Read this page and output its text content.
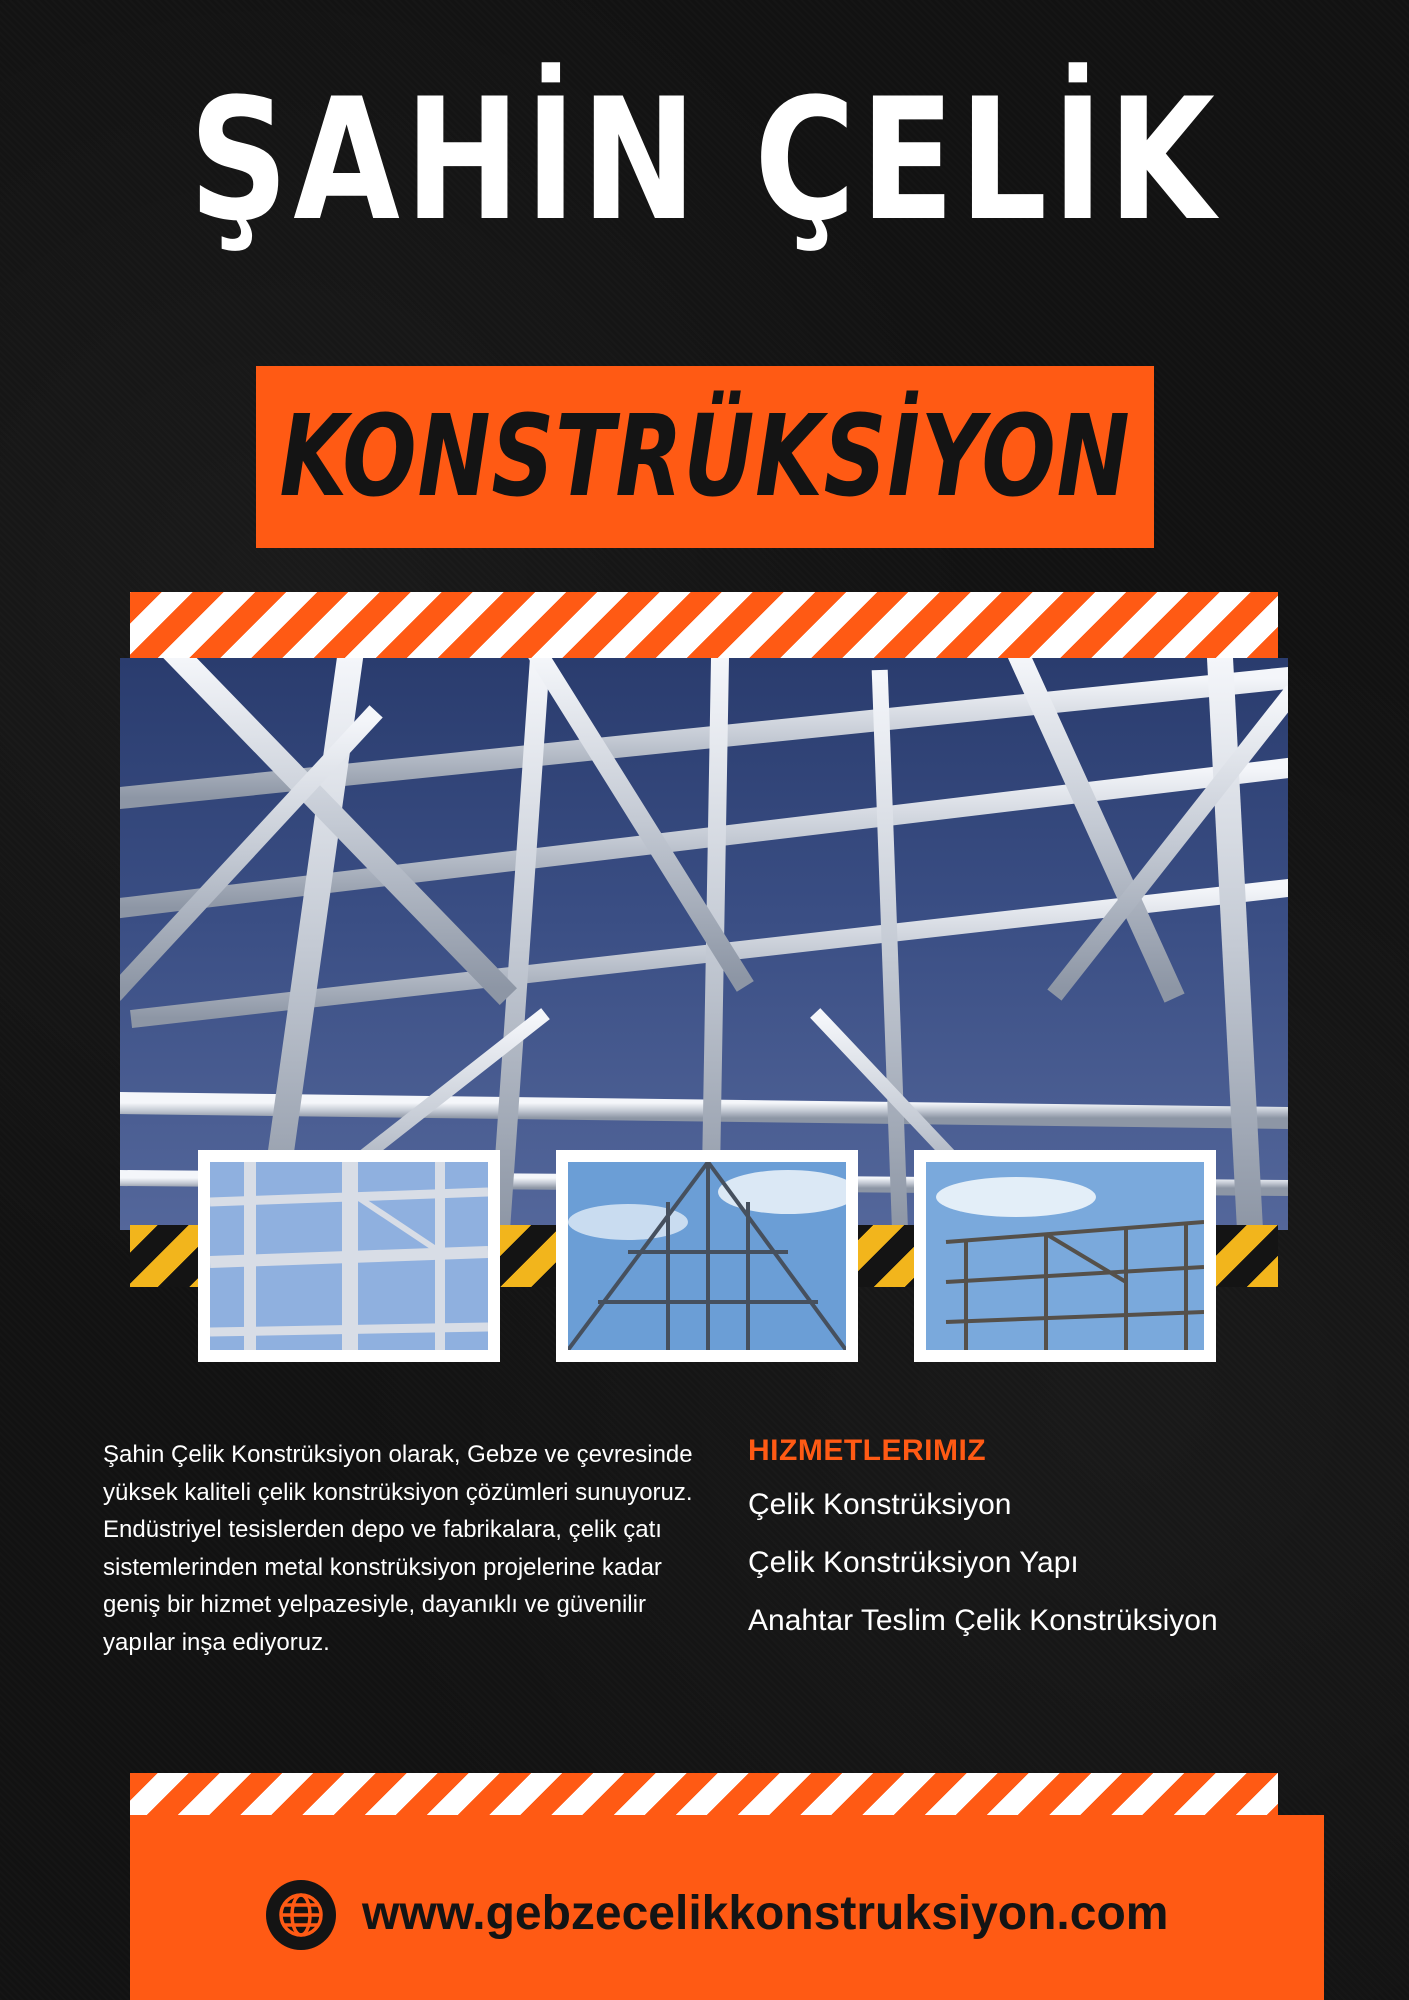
ŞAHİN ÇELİK
KONSTRÜKSİYON
Şahin Çelik Konstrüksiyon olarak, Gebze ve çevresinde yüksek kaliteli çelik konstrüksiyon çözümleri sunuyoruz. Endüstriyel tesislerden depo ve fabrikalara, çelik çatı sistemlerinden metal konstrüksiyon projelerine kadar geniş bir hizmet yelpazesiyle, dayanıklı ve güvenilir yapılar inşa ediyoruz.
HIZMETLERIMIZ
Çelik Konstrüksiyon
Çelik Konstrüksiyon Yapı
Anahtar Teslim Çelik Konstrüksiyon
www.gebzecelikkonstruksiyon.com
